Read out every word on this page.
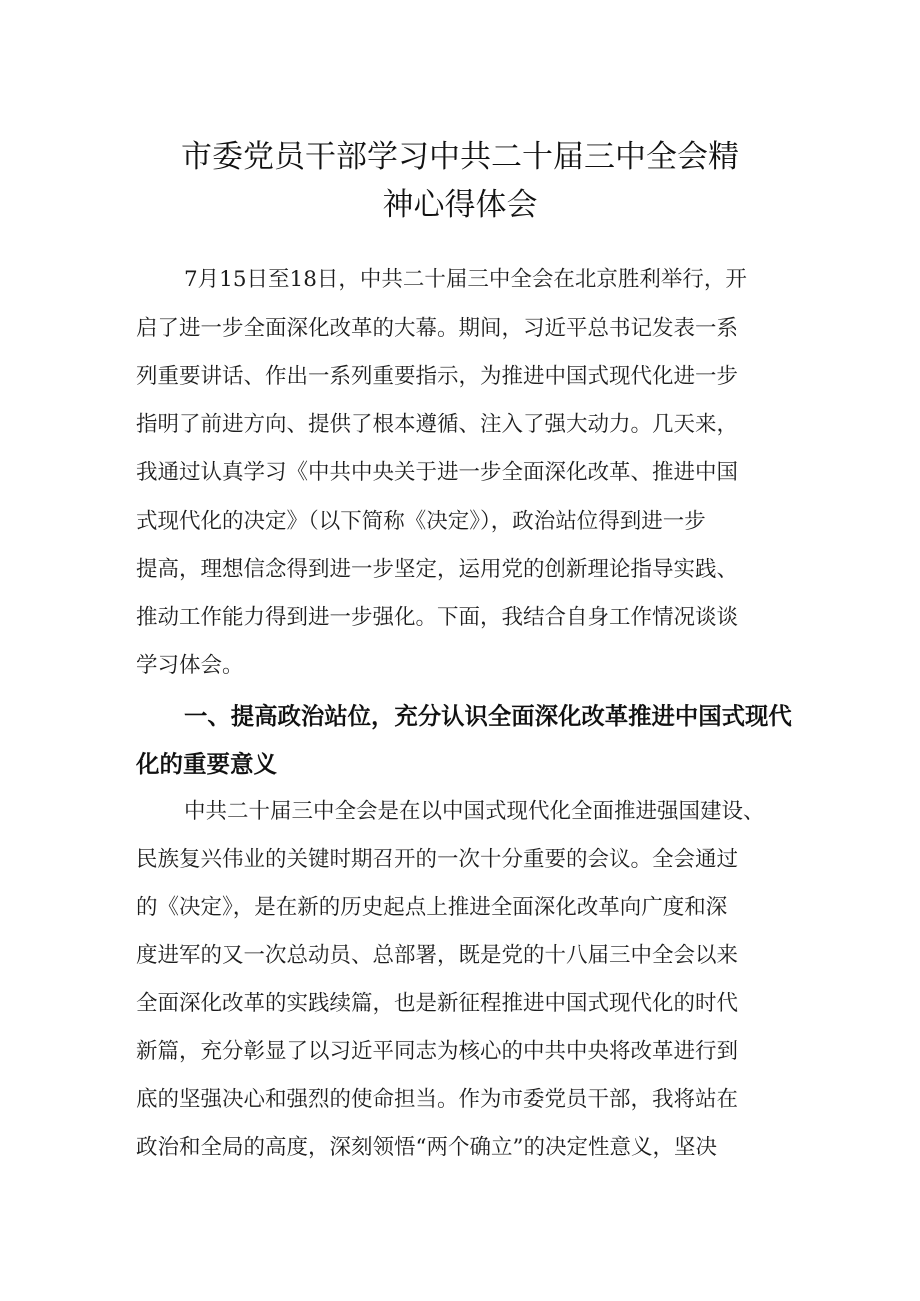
市委党员干部学习中共二十届三中全会精
神心得体会
7月15日至18日，中共二十届三中全会在北京胜利举行，开
启了进一步全面深化改革的大幕。期间，习近平总书记发表一系
列重要讲话、作出一系列重要指示，为推进中国式现代化进一步
指明了前进方向、提供了根本遵循、注入了强大动力。几天来，
我通过认真学习《中共中央关于进一步全面深化改革、推进中国
式现代化的决定》（以下简称《决定》），政治站位得到进一步
提高，理想信念得到进一步坚定，运用党的创新理论指导实践、
推动工作能力得到进一步强化。下面，我结合自身工作情况谈谈
学习体会。
一、提高政治站位，充分认识全面深化改革推进中国式现代
化的重要意义
中共二十届三中全会是在以中国式现代化全面推进强国建设、
民族复兴伟业的关键时期召开的一次十分重要的会议。全会通过
的《决定》，是在新的历史起点上推进全面深化改革向广度和深
度进军的又一次总动员、总部署，既是党的十八届三中全会以来
全面深化改革的实践续篇，也是新征程推进中国式现代化的时代
新篇，充分彰显了以习近平同志为核心的中共中央将改革进行到
底的坚强决心和强烈的使命担当。作为市委党员干部，我将站在
政治和全局的高度，深刻领悟“两个确立”的决定性意义，坚决
